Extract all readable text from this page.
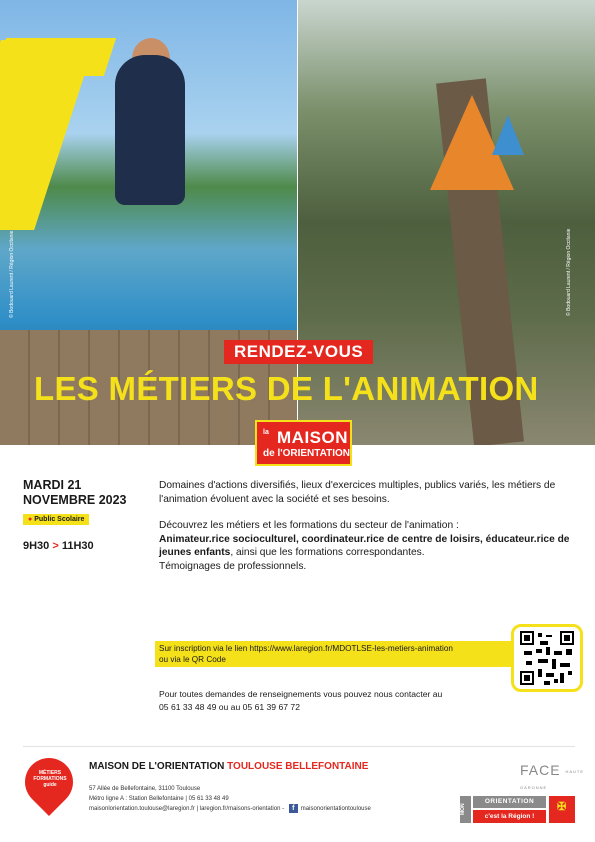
© Bodouard Laurent / Région Occitanie	© Bodouard Laurent / Région Occitanie
RENDEZ-VOUS
LES MÉTIERS DE L'ANIMATION
la MAISON
de l'ORIENTATION
MARDI 21
NOVEMBRE 2023
● Public Scolaire
9H30 > 11H30
Domaines d'actions diversifiés, lieux d'exercices multiples, publics variés, les métiers de l'animation évoluent avec la société et ses besoins.
Découvrez les métiers et les formations du secteur de l'animation :
Animateur.rice socioculturel, coordinateur.rice de centre de loisirs, éducateur.rice de jeunes enfants, ainsi que les formations correspondantes.
Témoignages de professionnels.
Sur inscription via le lien https://www.laregion.fr/MDOTLSE-les-metiers-animation
ou via le QR Code
Pour toutes demandes de renseignements vous pouvez nous contacter au
05 61 33 48 49 ou au 05 61 39 67 72
MÉTIERS FORMATIONS guide
MAISON DE L'ORIENTATION TOULOUSE BELLEFONTAINE
57 Allée de Bellefontaine, 31100 Toulouse
Métro ligne A : Station Bellefontaine | 05 61 33 48 49
maisonlorientation.toulouse@laregion.fr | laregion.fr/maisons-orientation - f maisonorientationtoulouse
FACE HAUTE GARONNE
MON
ORIENTATION
c'est la Région !
✠
